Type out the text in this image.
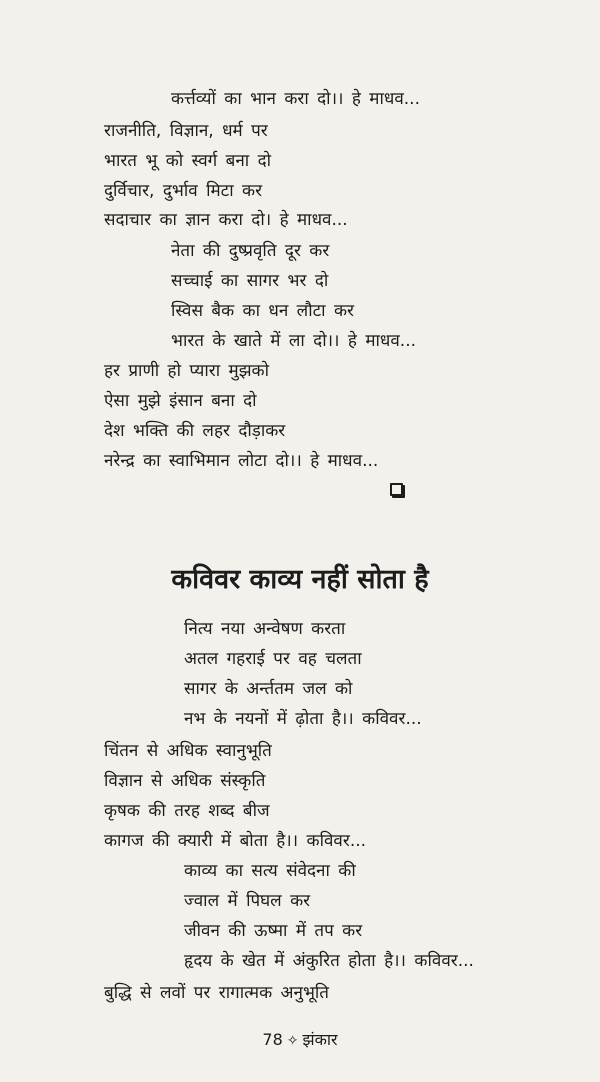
कर्त्तव्यों का भान करा दो।। हे माधव...
राजनीति, विज्ञान, धर्म पर
भारत भू को स्वर्ग बना दो
दुर्विचार, दुर्भाव मिटा कर
सदाचार का ज्ञान करा दो। हे माधव...
नेता की दुष्प्रवृति दूर कर
सच्चाई का सागर भर दो
स्विस बैक का धन लौटा कर
भारत के खाते में ला दो।। हे माधव...
हर प्राणी हो प्यारा मुझको
ऐसा मुझे इंसान बना दो
देश भक्ति की लहर दौड़ाकर
नरेन्द्र का स्वाभिमान लोटा दो।। हे माधव...
कविवर काव्य नहीं सोता है
नित्य नया अन्वेषण करता
अतल गहराई पर वह चलता
सागर के अर्न्ततम जल को
नभ के नयनों में ढ़ोता है।। कविवर...
चिंतन से अधिक स्वानुभूति
विज्ञान से अधिक संस्कृति
कृषक की तरह शब्द बीज
कागज की क्यारी में बोता है।। कविवर...
काव्य का सत्य संवेदना की
ज्वाल में पिघल कर
जीवन की ऊष्मा में तप कर
हृदय के खेत में अंकुरित होता है।। कविवर...
बुद्धि से लवों पर रागात्मक अनुभूति
78 ✧ झंकार
